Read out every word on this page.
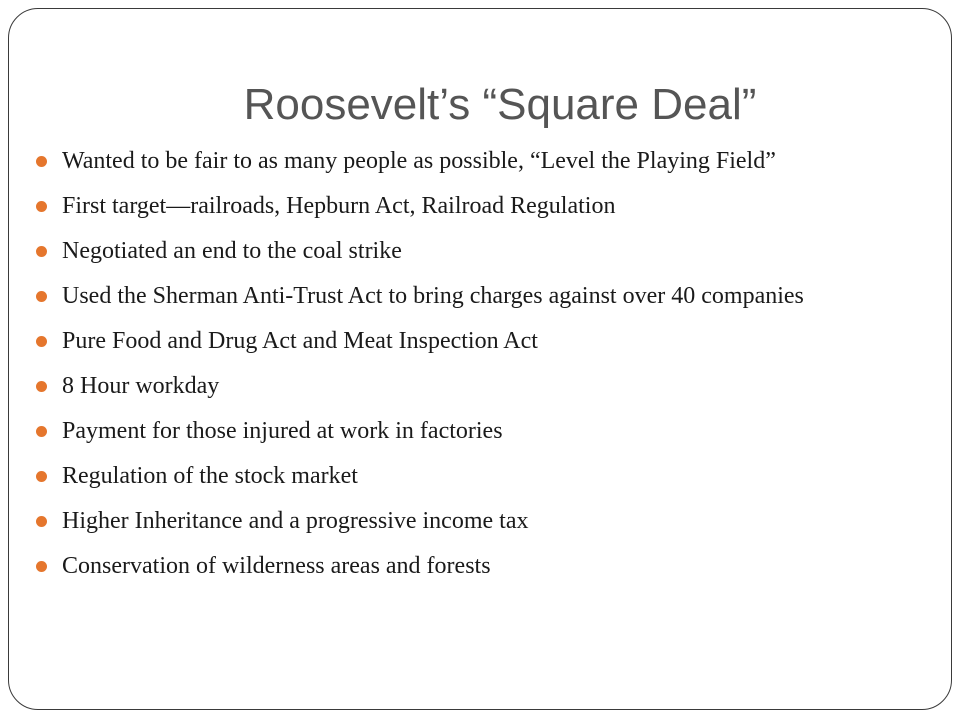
Roosevelt’s “Square Deal”
Wanted to be fair to as many people as possible, “Level the Playing Field”
First target—railroads, Hepburn Act, Railroad Regulation
Negotiated an end to the coal strike
Used the Sherman Anti-Trust Act to bring charges against over 40 companies
Pure Food and Drug Act and Meat Inspection Act
8 Hour workday
Payment for those injured at work in factories
Regulation of the stock market
Higher Inheritance and a progressive income tax
Conservation of wilderness areas and forests
